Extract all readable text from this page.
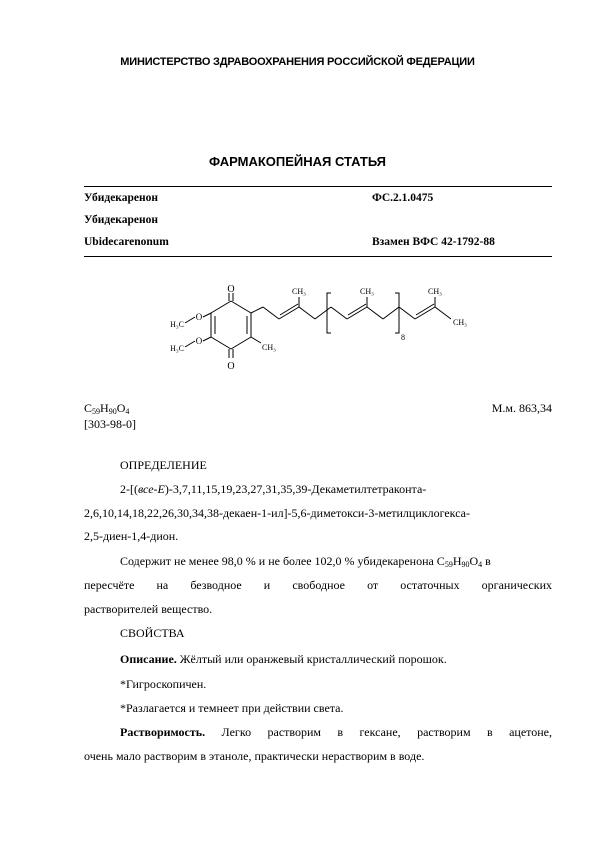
МИНИСТЕРСТВО ЗДРАВООХРАНЕНИЯ РОССИЙСКОЙ ФЕДЕРАЦИИ
ФАРМАКОПЕЙНАЯ СТАТЬЯ
Убидекаренон	ФС.2.1.0475
Убидекаренон
Ubidecarenonum	Взамен ВФС 42-1792-88
O
O
O
O
H₃C
H₃C	CH₃
CH₃	CH₃	CH₃
CH₃
8
$C_{59}H_{90}O_4$	М.м. 863,34
[303-98-0]
ОПРЕДЕЛЕНИЕ
2-[(все-E)-3,7,11,15,19,23,27,31,35,39-Декаметилтетраконта-
2,6,10,14,18,22,26,30,34,38-декаен-1-ил]-5,6-диметокси-3-метилциклогекса-
2,5-диен-1,4-дион.
Содержит не менее 98,0 % и не более 102,0 % убидекаренона $C_{59}H_{90}O_4$ в
пересчёте на безводное и свободное от остаточных органических
растворителей вещество.
СВОЙСТВА
Описание. Жёлтый или оранжевый кристаллический порошок.
*Гигроскопичен.
*Разлагается и темнеет при действии света.
Растворимость. Легко растворим в гексане, растворим в ацетоне,
очень мало растворим в этаноле, практически нерастворим в воде.
